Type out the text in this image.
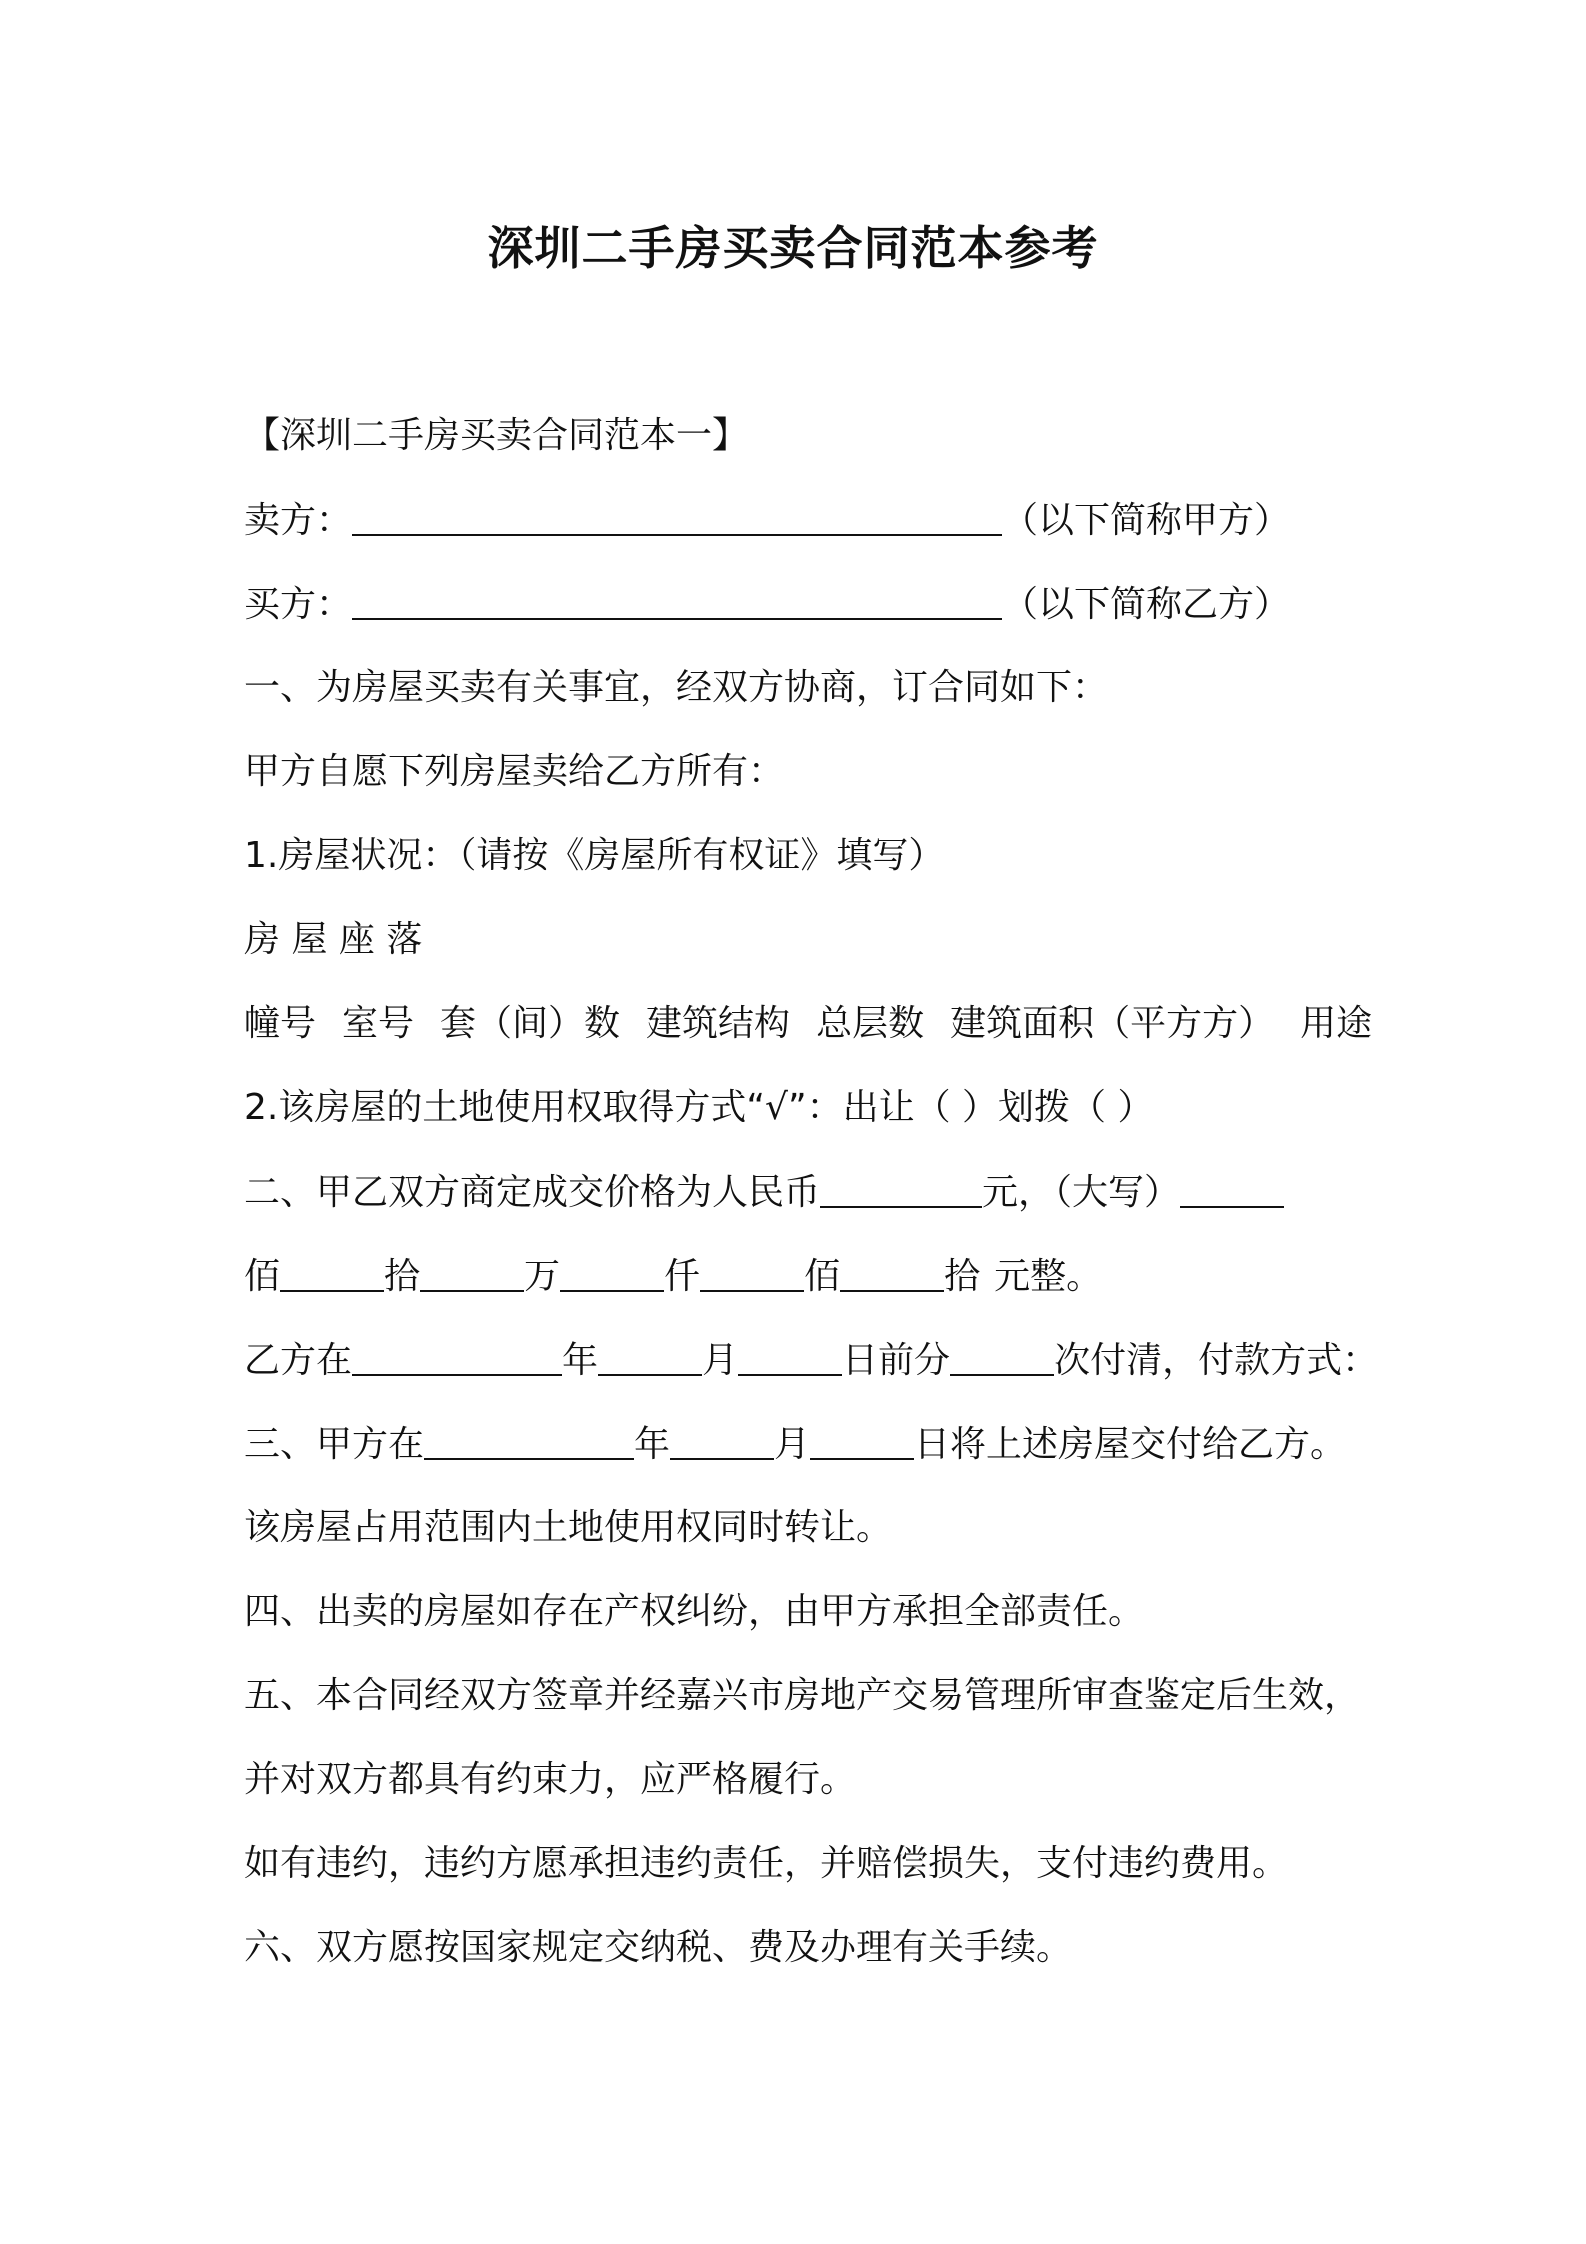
深圳二手房买卖合同范本参考
【深圳二手房买卖合同范本一】
卖方：	（以下简称甲方）
买方：	（以下简称乙方）
一、为房屋买卖有关事宜，经双方协商，订合同如下：
甲方自愿下列房屋卖给乙方所有：
1.房屋状况：（请按《房屋所有权证》填写）
房 屋 座 落
幢号 室号 套（间）数 建筑结构 总层数 建筑面积（平方方） 用途
2.该房屋的土地使用权取得方式“√”：出让（ ）划拨（ ）
二、甲乙双方商定成交价格为人民币	元，（大写）
佰	拾	万	仟	佰	拾 元整。
乙方在	年	月	日前分	次付清，付款方式：
三、甲方在	年	月	日将上述房屋交付给乙方。
该房屋占用范围内土地使用权同时转让。
四、出卖的房屋如存在产权纠纷，由甲方承担全部责任。
五、本合同经双方签章并经嘉兴市房地产交易管理所审查鉴定后生效，
并对双方都具有约束力，应严格履行。
如有违约，违约方愿承担违约责任，并赔偿损失，支付违约费用。
六、双方愿按国家规定交纳税、费及办理有关手续。
